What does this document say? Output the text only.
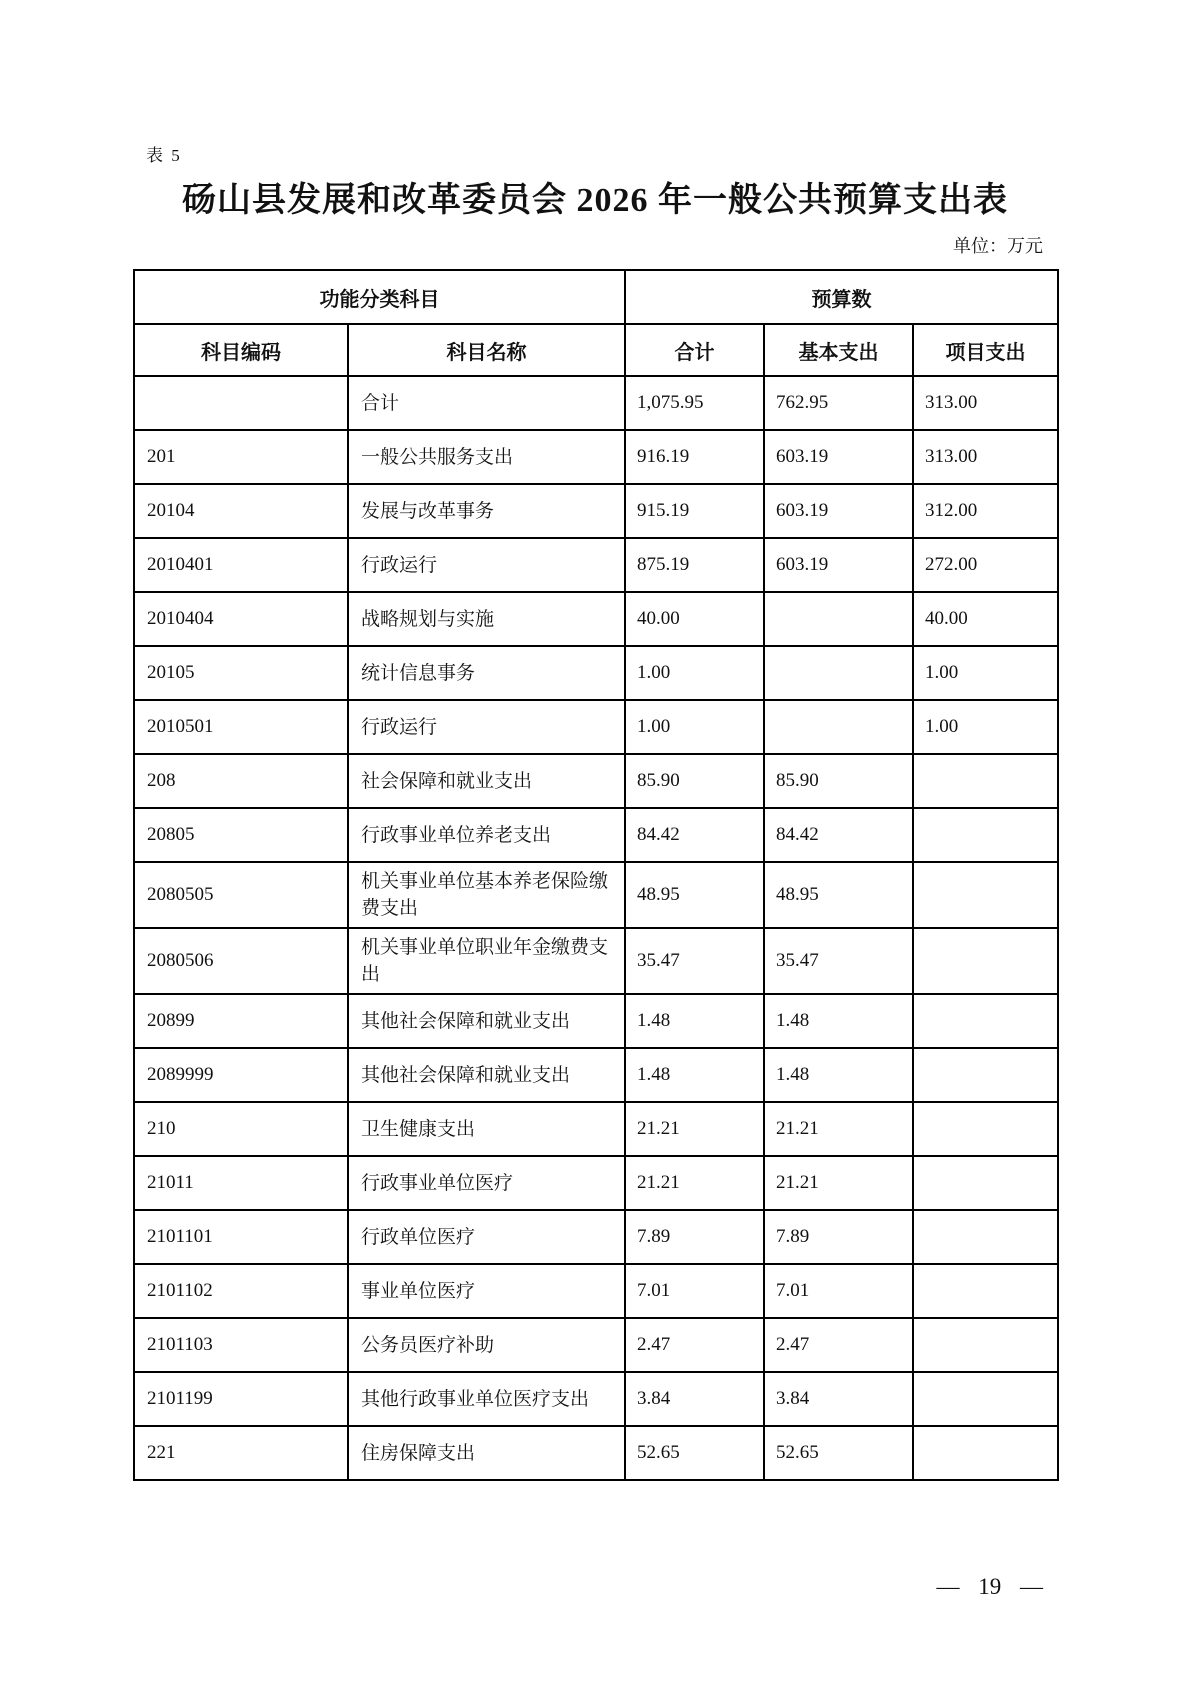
表 5
砀山县发展和改革委员会 2026 年一般公共预算支出表
单位：万元
功能分类科目		预算数		
科目编码	科目名称	合计	基本支出	项目支出
	合计	1,075.95	762.95	313.00
201	一般公共服务支出	916.19	603.19	313.00
20104	发展与改革事务	915.19	603.19	312.00
2010401	行政运行	875.19	603.19	272.00
2010404	战略规划与实施	40.00		40.00
20105	统计信息事务	1.00		1.00
2010501	行政运行	1.00		1.00
208	社会保障和就业支出	85.90	85.90	
20805	行政事业单位养老支出	84.42	84.42	
2080505	机关事业单位基本养老保险缴费支出	48.95	48.95	
2080506	机关事业单位职业年金缴费支出	35.47	35.47	
20899	其他社会保障和就业支出	1.48	1.48	
2089999	其他社会保障和就业支出	1.48	1.48	
210	卫生健康支出	21.21	21.21	
21011	行政事业单位医疗	21.21	21.21	
2101101	行政单位医疗	7.89	7.89	
2101102	事业单位医疗	7.01	7.01	
2101103	公务员医疗补助	2.47	2.47	
2101199	其他行政事业单位医疗支出	3.84	3.84	
221	住房保障支出	52.65	52.65	
— 19 —
